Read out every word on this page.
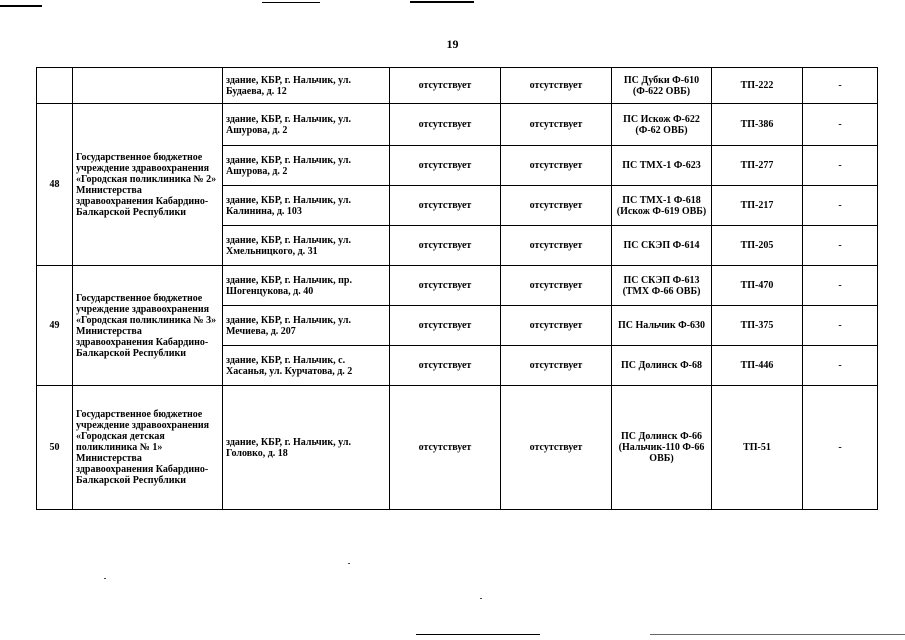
19
		здание, КБР, г. Нальчик, ул. Будаева, д. 12	отсутствует	отсутствует	ПС Дубки Ф-610 (Ф-622 ОВБ)	ТП-222	-
48	Государственное бюджетное учреждение здравоохранения «Городская поликлиника № 2» Министерства здравоохранения Кабардино-Балкарской Республики	здание, КБР, г. Нальчик, ул. Ашурова, д. 2	отсутствует	отсутствует	ПС Искож Ф-622 (Ф-62 ОВБ)	ТП-386	-
		здание, КБР, г. Нальчик, ул. Ашурова, д. 2	отсутствует	отсутствует	ПС ТМХ-1 Ф-623	ТП-277	-
		здание, КБР, г. Нальчик, ул. Калинина, д. 103	отсутствует	отсутствует	ПС ТМХ-1 Ф-618 (Искож Ф-619 ОВБ)	ТП-217	-
		здание, КБР, г. Нальчик, ул. Хмельницкого, д. 31	отсутствует	отсутствует	ПС СКЭП Ф-614	ТП-205	-
49	Государственное бюджетное учреждение здравоохранения «Городская поликлиника № 3» Министерства здравоохранения Кабардино-Балкарской Республики	здание, КБР, г. Нальчик, пр. Шогенцукова, д. 40	отсутствует	отсутствует	ПС СКЭП Ф-613 (ТМХ Ф-66 ОВБ)	ТП-470	-
		здание, КБР, г. Нальчик, ул. Мечиева, д. 207	отсутствует	отсутствует	ПС Нальчик Ф-630	ТП-375	-
		здание, КБР, г. Нальчик, с. Хасанья, ул. Курчатова, д. 2	отсутствует	отсутствует	ПС Долинск Ф-68	ТП-446	-
50	Государственное бюджетное учреждение здравоохранения «Городская детская поликлиника № 1» Министерства здравоохранения Кабардино-Балкарской Республики	здание, КБР, г. Нальчик, ул. Головко, д. 18	отсутствует	отсутствует	ПС Долинск Ф-66 (Нальчик-110 Ф-66 ОВБ)	ТП-51	-
